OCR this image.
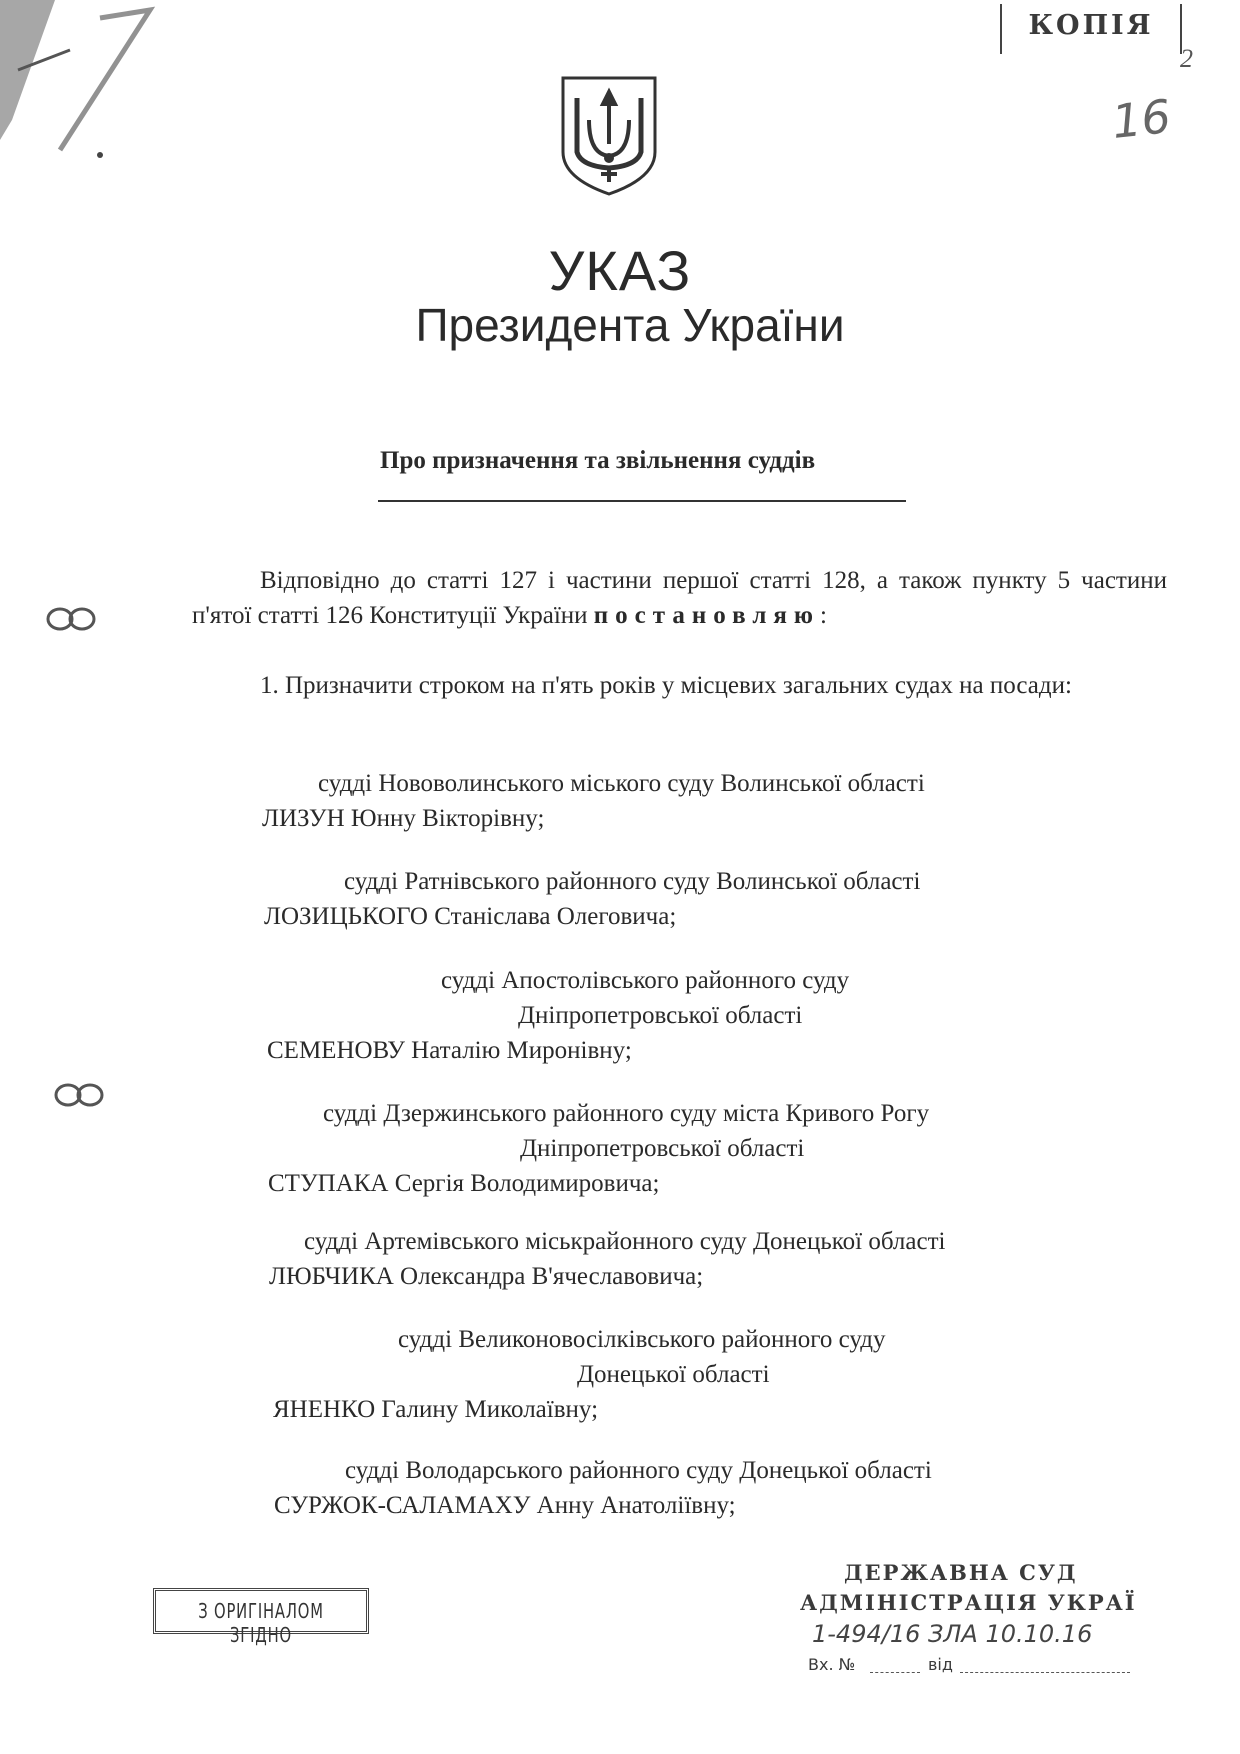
КОПІЯ
2
16
УКАЗ
Президента України
Про призначення та звільнення суддів
Відповідно до статті 127 і частини першої статті 128, а також пункту 5 частини п'ятої статті 126 Конституції України постановляю:
1. Призначити строком на п'ять років у місцевих загальних судах на посади:
судді Нововолинського міського суду Волинської області
ЛИЗУН Юнну Вікторівну;
судді Ратнівського районного суду Волинської області
ЛОЗИЦЬКОГО Станіслава Олеговича;
судді Апостолівського районного суду
Дніпропетровської області
СЕМЕНОВУ Наталію Миронівну;
судді Дзержинського районного суду міста Кривого Рогу
Дніпропетровської області
СТУПАКА Сергія Володимировича;
судді Артемівського міськрайонного суду Донецької області
ЛЮБЧИКА Олександра В'ячеславовича;
судді Великоновосілківського районного суду
Донецької області
ЯНЕНКО Галину Миколаївну;
судді Володарського районного суду Донецької області
СУРЖОК-САЛАМАХУ Анну Анатоліївну;
З ОРИГІНАЛОМ ЗГІДНО
ДЕРЖАВНА СУД
АДМІНІСТРАЦІЯ УКРАЇ
1-494/16 ЗЛА 10.10.16
Вх. №	від
